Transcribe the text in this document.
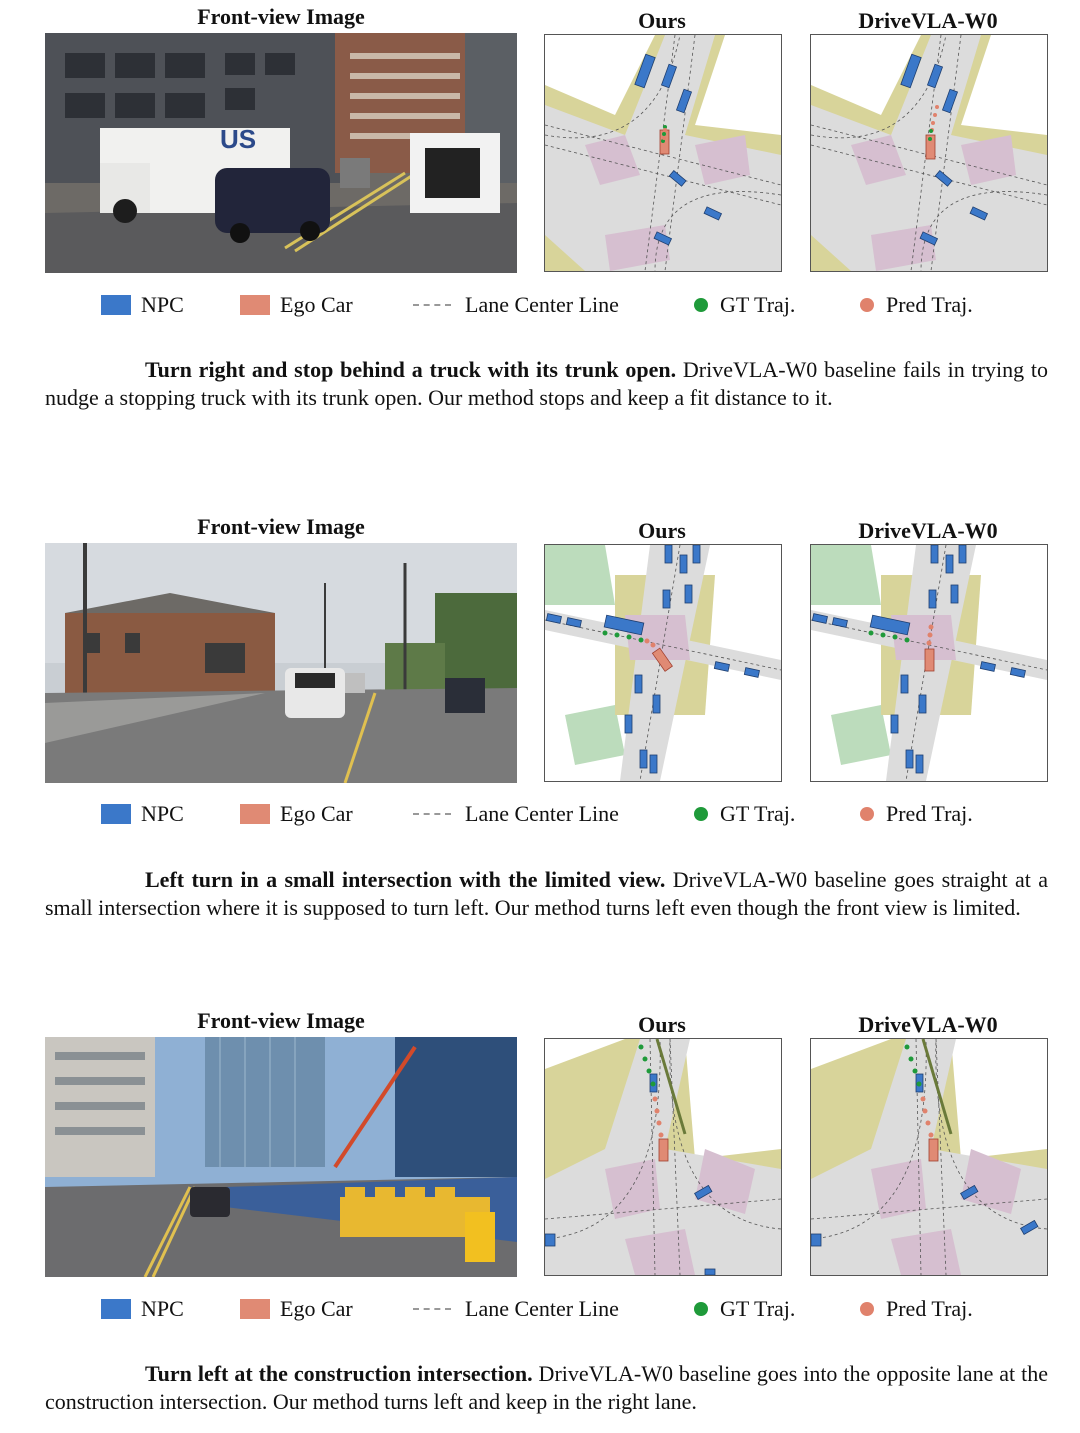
Front-view Image	Ours	DriveVLA-W0
US
NPC	Ego Car	Lane Center Line	GT Traj.	Pred Traj.
Turn right and stop behind a truck with its trunk open. DriveVLA-W0 baseline fails in trying to nudge a stopping truck with its trunk open. Our method stops and keep a fit distance to it.
Front-view Image	Ours	DriveVLA-W0
NPC	Ego Car	Lane Center Line	GT Traj.	Pred Traj.
Left turn in a small intersection with the limited view. DriveVLA-W0 baseline goes straight at a small intersection where it is supposed to turn left. Our method turns left even though the front view is limited.
Front-view Image	Ours	DriveVLA-W0
NPC	Ego Car	Lane Center Line	GT Traj.	Pred Traj.
Turn left at the construction intersection. DriveVLA-W0 baseline goes into the opposite lane at the construction intersection. Our method turns left and keep in the right lane.
